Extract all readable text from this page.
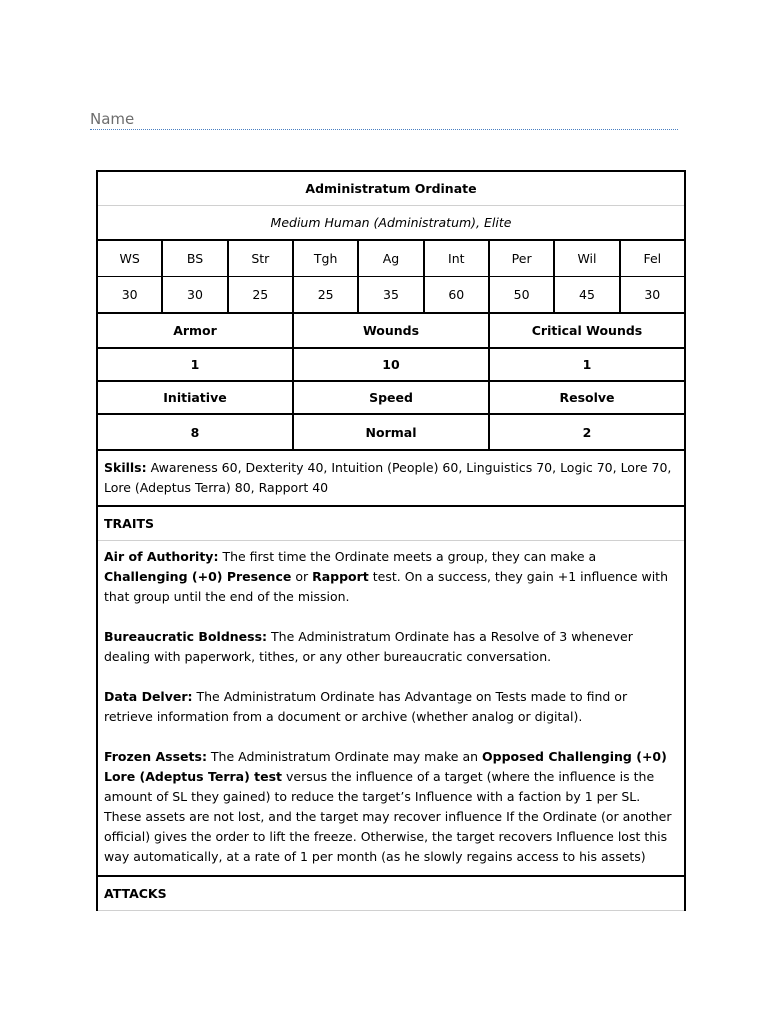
Name
Administratum Ordinate
Medium Human (Administratum), Elite
WS	BS	Str	Tgh	Ag	Int	Per	Wil	Fel
30	30	25	25	35	60	50	45	30
Armor	Wounds	Critical Wounds
1	10	1
Initiative	Speed	Resolve
8	Normal	2
Skills: Awareness 60, Dexterity 40, Intuition (People) 60, Linguistics 70, Logic 70, Lore 70, Lore (Adeptus Terra) 80, Rapport 40
TRAITS
Air of Authority: The first time the Ordinate meets a group, they can make a Challenging (+0) Presence or Rapport test. On a success, they gain +1 influence with that group until the end of the mission.
Bureaucratic Boldness: The Administratum Ordinate has a Resolve of 3 whenever dealing with paperwork, tithes, or any other bureaucratic conversation.
Data Delver: The Administratum Ordinate has Advantage on Tests made to find or retrieve information from a document or archive (whether analog or digital).
Frozen Assets: The Administratum Ordinate may make an Opposed Challenging (+0) Lore (Adeptus Terra) test versus the influence of a target (where the influence is the amount of SL they gained) to reduce the target’s Influence with a faction by 1 per SL. These assets are not lost, and the target may recover influence If the Ordinate (or another official) gives the order to lift the freeze. Otherwise, the target recovers Influence lost this way automatically, at a rate of 1 per month (as he slowly regains access to his assets)
ATTACKS
